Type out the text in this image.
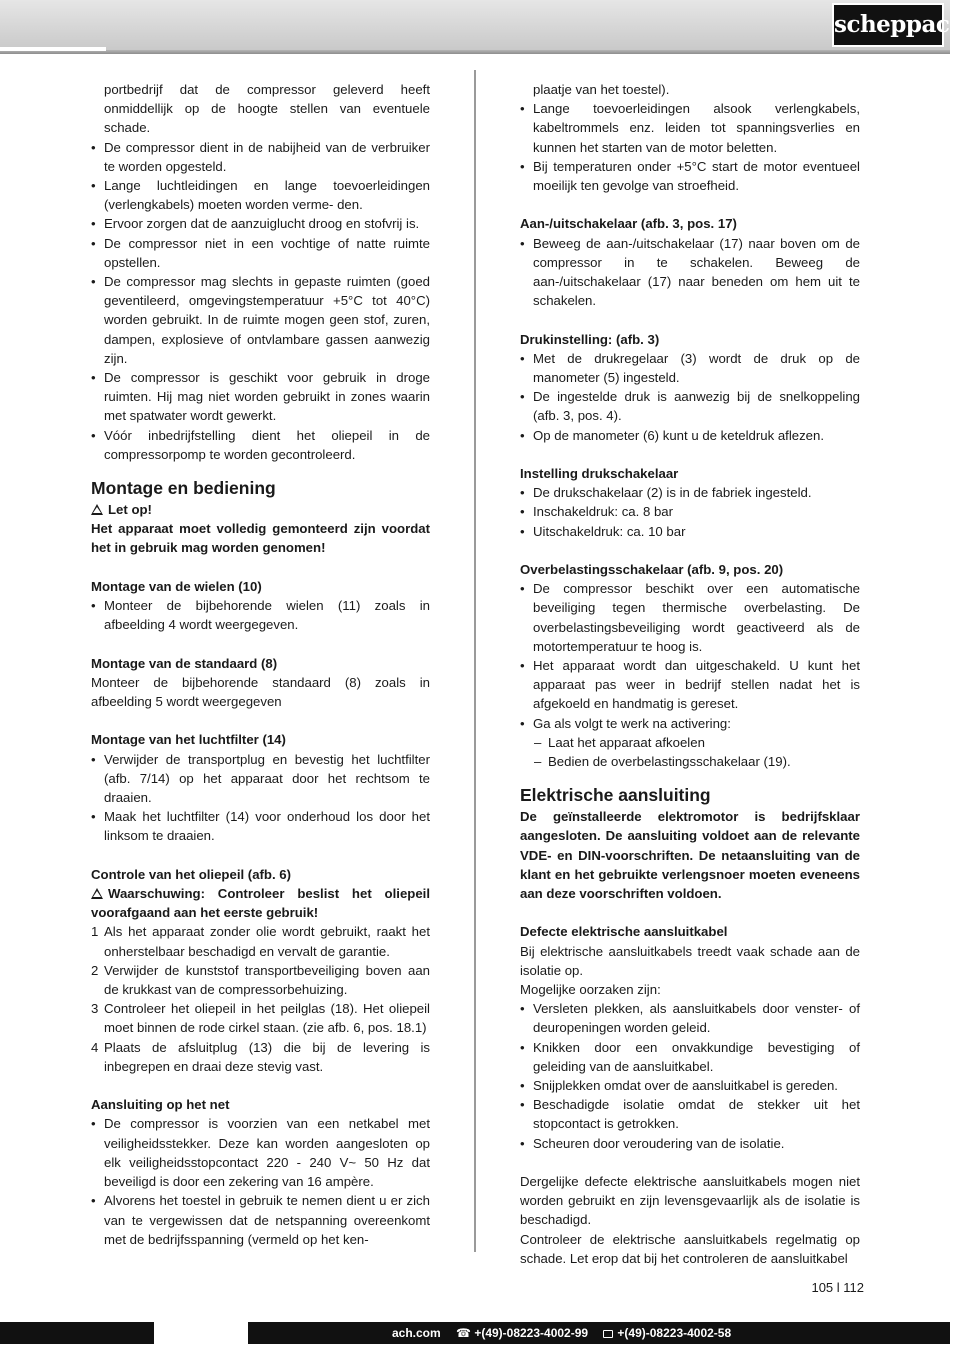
scheppach

portbedrijf dat de compressor geleverd heeft onmiddellijk op de hoogte stellen van eventuele schade.

• De compressor dient in de nabijheid van de verbruiker te worden opgesteld.
• Lange luchtleidingen en lange toevoerleidingen (verlengkabels) moeten worden verme- den.
• Ervoor zorgen dat de aanzuiglucht droog en stofvrij is.
• De compressor niet in een vochtige of natte ruimte opstellen.
• De compressor mag slechts in gepaste ruimten (goed geventileerd, omgevingstemperatuur +5°C tot 40°C) worden gebruikt. In de ruimte mogen geen stof, zuren, dampen, explosieve of ontvlambare gassen aanwezig zijn.
• De compressor is geschikt voor gebruik in droge ruimten. Hij mag niet worden gebruikt in zones waarin met spatwater wordt gewerkt.
• Vóór inbedrijfstelling dient het oliepeil in de compressorpomp te worden gecontroleerd.
Montage en bediening

Let op!

Het apparaat moet volledig gemonteerd zijn voordat het in gebruik mag worden genomen!

Montage van de wielen (10)
• Monteer de bijbehorende wielen (11) zoals in afbeelding 4 wordt weergegeven.
Montage van de standaard (8)

Monteer de bijbehorende standaard (8) zoals in afbeelding 5 wordt weergegeven

Montage van het luchtfilter (14)
• Verwijder de transportplug en bevestig het luchtfilter (afb. 7/14) op het apparaat door het rechtsom te draaien.
• Maak het luchtfilter (14) voor onderhoud los door het linksom te draaien.
Controle van het oliepeil (afb. 6)

Waarschuwing: Controleer beslist het oliepeil voorafgaand aan het eerste gebruik!

1 Als het apparaat zonder olie wordt gebruikt, raakt het onherstelbaar beschadigd en vervalt de garantie.
2 Verwijder de kunststof transportbeveiliging boven aan de krukkast van de compressorbehuizing.
3 Controleer het oliepeil in het peilglas (18). Het oliepeil moet binnen de rode cirkel staan. (zie afb. 6, pos. 18.1)
4 Plaats de afsluitplug (13) die bij de levering is inbegrepen en draai deze stevig vast.
Aansluiting op het net
• De compressor is voorzien van een netkabel met veiligheidsstekker. Deze kan worden aangesloten op elk veiligheidsstopcontact 220 - 240 V~ 50 Hz dat beveiligd is door een zekering van 16 ampère.
• Alvorens het toestel in gebruik te nemen dient u er zich van te vergewissen dat de netspanning overeenkomt met de bedrijfsspanning (vermeld op het ken-

plaatje van het toestel).

• Lange toevoerleidingen alsook verlengkabels, kabeltrommels enz. leiden tot spanningsverlies en kunnen het starten van de motor beletten.
• Bij temperaturen onder +5°C start de motor eventueel moeilijk ten gevolge van stroefheid.
Aan-/uitschakelaar (afb. 3, pos. 17)
• Beweeg de aan-/uitschakelaar (17) naar boven om de compressor in te schakelen. Beweeg de aan-/uitschakelaar (17) naar beneden om hem uit te schakelen.
Drukinstelling: (afb. 3)
• Met de drukregelaar (3) wordt de druk op de manometer (5) ingesteld.
• De ingestelde druk is aanwezig bij de snelkoppeling (afb. 3, pos. 4).
• Op de manometer (6) kunt u de keteldruk aflezen.
Instelling drukschakelaar
• De drukschakelaar (2) is in de fabriek ingesteld.
• Inschakeldruk: ca. 8 bar
• Uitschakeldruk: ca. 10 bar
Overbelastingsschakelaar (afb. 9, pos. 20)
• De compressor beschikt over een automatische beveiliging tegen thermische overbelasting. De overbelastingsbeveiliging wordt geactiveerd als de motortemperatuur te hoog is.
• Het apparaat wordt dan uitgeschakeld. U kunt het apparaat pas weer in bedrijf stellen nadat het is afgekoeld en handmatig is gereset.
• Ga als volgt te werk na activering:
– Laat het apparaat afkoelen
– Bedien de overbelastingsschakelaar (19).
Elektrische aansluiting

De geïnstalleerde elektromotor is bedrijfsklaar aangesloten. De aansluiting voldoet aan de relevante VDE- en DIN-voorschriften. De netaansluiting van de klant en het gebruikte verlengsnoer moeten eveneens aan deze voorschriften voldoen.

Defecte elektrische aansluitkabel

Bij elektrische aansluitkabels treedt vaak schade aan de isolatie op.

Mogelijke oorzaken zijn:

• Versleten plekken, als aansluitkabels door venster- of deuropeningen worden geleid.
• Knikken door een onvakkundige bevestiging of geleiding van de aansluitkabel.
• Snijplekken omdat over de aansluitkabel is gereden.
• Beschadigde isolatie omdat de stekker uit het stopcontact is getrokken.
• Scheuren door veroudering van de isolatie.

Dergelijke defecte elektrische aansluitkabels mogen niet worden gebruikt en zijn levensgevaarlijk als de isolatie is beschadigd.

Controleer de elektrische aansluitkabels regelmatig op schade. Let erop dat bij het controleren de aansluitkabel

105 l 112
ach.com ☎ +(49)-08223-4002-99 +(49)-08223-4002-58
